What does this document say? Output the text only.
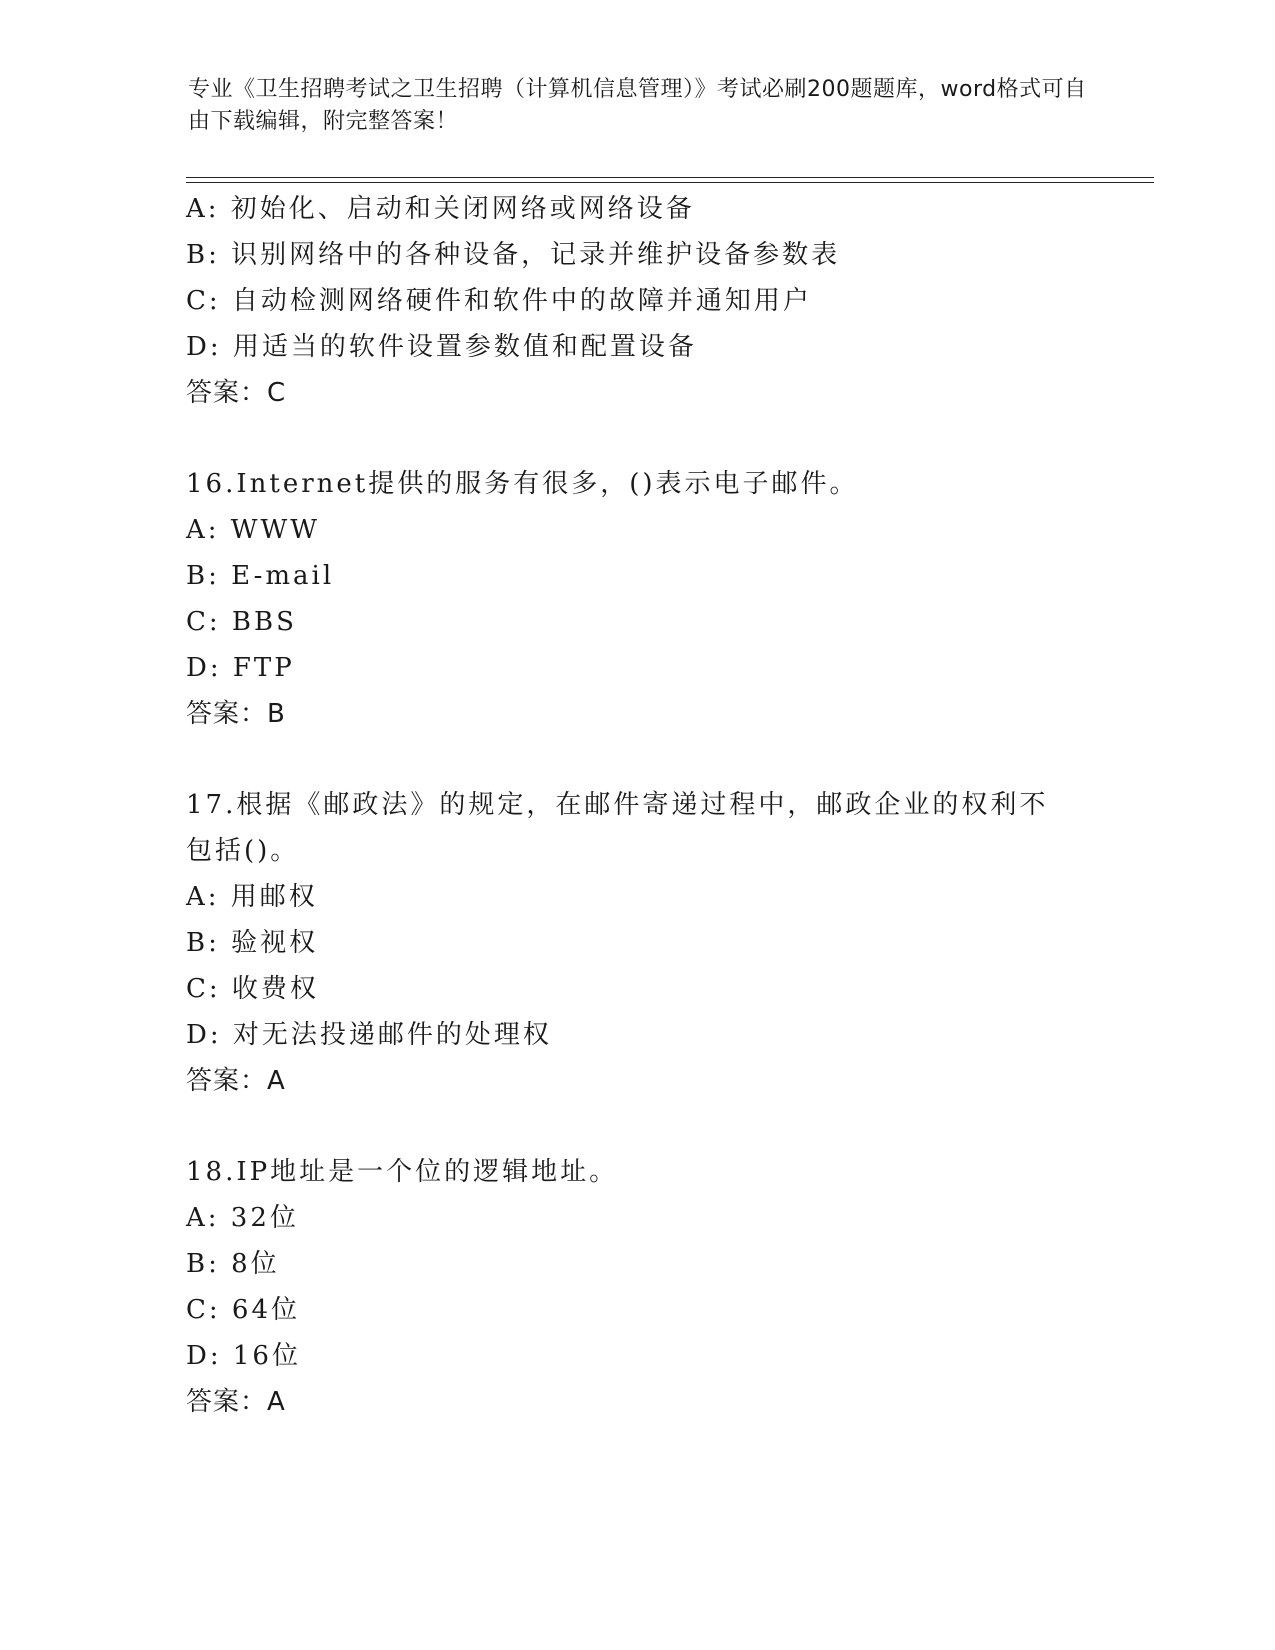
专业《卫生招聘考试之卫生招聘（计算机信息管理）》考试必刷200题题库，word格式可自由下载编辑，附完整答案！
A: 初始化、启动和关闭网络或网络设备
B: 识别网络中的各种设备，记录并维护设备参数表
C: 自动检测网络硬件和软件中的故障并通知用户
D: 用适当的软件设置参数值和配置设备
答案：C
16.Internet提供的服务有很多，()表示电子邮件。
A: WWW
B: E-mail
C: BBS
D: FTP
答案：B
17.根据《邮政法》的规定，在邮件寄递过程中，邮政企业的权利不包括()。
A: 用邮权
B: 验视权
C: 收费权
D: 对无法投递邮件的处理权
答案：A
18.IP地址是一个位的逻辑地址。
A: 32位
B: 8位
C: 64位
D: 16位
答案：A
